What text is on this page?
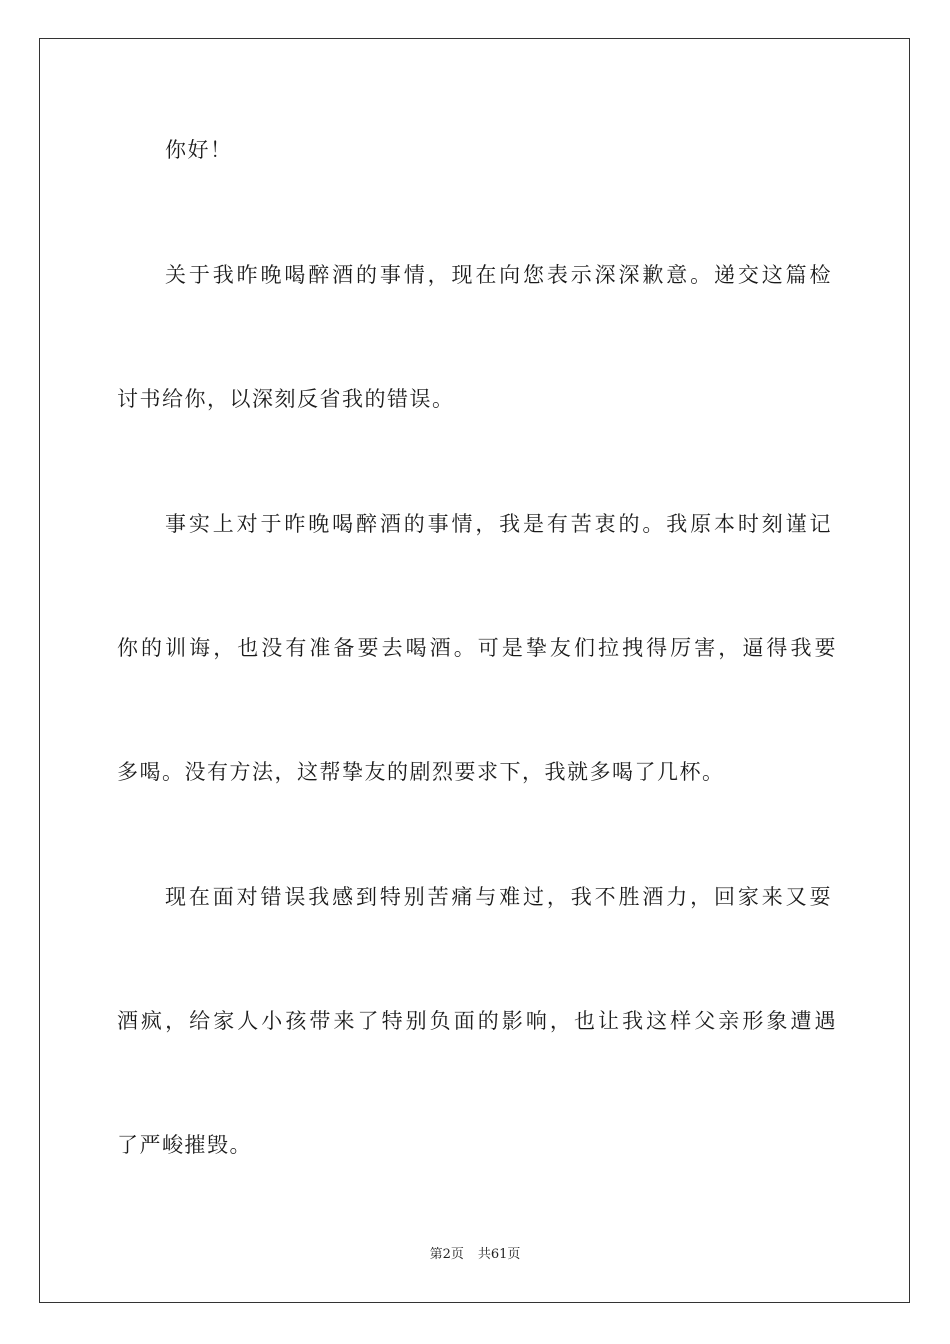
你好！
关于我昨晚喝醉酒的事情，现在向您表示深深歉意。递交这篇检
讨书给你，以深刻反省我的错误。
事实上对于昨晚喝醉酒的事情，我是有苦衷的。我原本时刻谨记
你的训诲，也没有准备要去喝酒。可是挚友们拉拽得厉害，逼得我要
多喝。没有方法，这帮挚友的剧烈要求下，我就多喝了几杯。
现在面对错误我感到特别苦痛与难过，我不胜酒力，回家来又耍
酒疯，给家人小孩带来了特别负面的影响，也让我这样父亲形象遭遇
了严峻摧毁。
第2页 共61页
